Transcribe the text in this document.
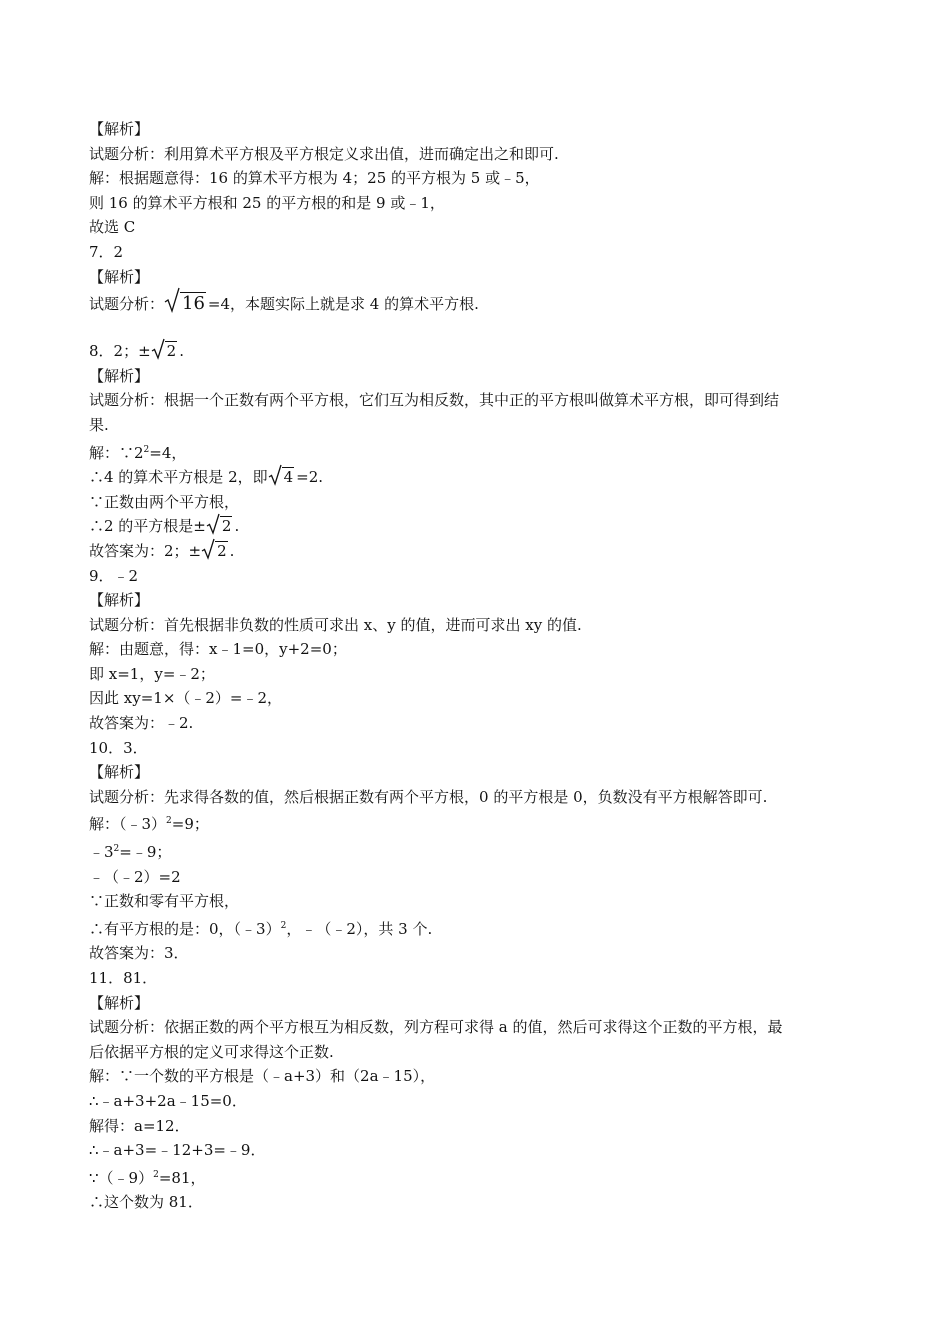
【解析】

试题分析：利用算术平方根及平方根定义求出值，进而确定出之和即可.

解：根据题意得：16 的算术平方根为 4；25 的平方根为 5 或﹣5，

则 16 的算术平方根和 25 的平方根的和是 9 或﹣1，

故选 C

7．2

【解析】

试题分析： 16 =4，本题实际上就是求 4 的算术平方根.

8．2；± 2 .

【解析】

试题分析：根据一个正数有两个平方根，它们互为相反数，其中正的平方根叫做算术平方根，即可得到结

果.

解：$\because 2^2=4$，

∴4 的算术平方根是 2，即 4 =2.

∵正数由两个平方根，

∴2 的平方根是± 2 .

故答案为：2；± 2 .

9．﹣2

【解析】

试题分析：首先根据非负数的性质可求出 x、y 的值，进而可求出 xy 的值.

解：由题意，得：x﹣1=0，y+2=0；

即 x=1，y=﹣2；

因此 xy=1×（﹣2）=﹣2，

故答案为：﹣2.

10．3．

【解析】

试题分析：先求得各数的值，然后根据正数有两个平方根，0 的平方根是 0，负数没有平方根解答即可.

解：（﹣3）$^2$=9；

$﹣3^2=﹣9$；

﹣（﹣2）=2

∵正数和零有平方根，

∴有平方根的是：0，（﹣3）$^2$，﹣（﹣2），共 3 个.

故答案为：3．

11．81．

【解析】

试题分析：依据正数的两个平方根互为相反数，列方程可求得 a 的值，然后可求得这个正数的平方根，最

后依据平方根的定义可求得这个正数.

解：∵一个数的平方根是（﹣a+3）和（2a﹣15），

∴﹣a+3+2a﹣15=0．

解得：a=12．

∴﹣a+3=﹣12+3=﹣9．

∵（﹣9）$^2$=81，

∴这个数为 81．
